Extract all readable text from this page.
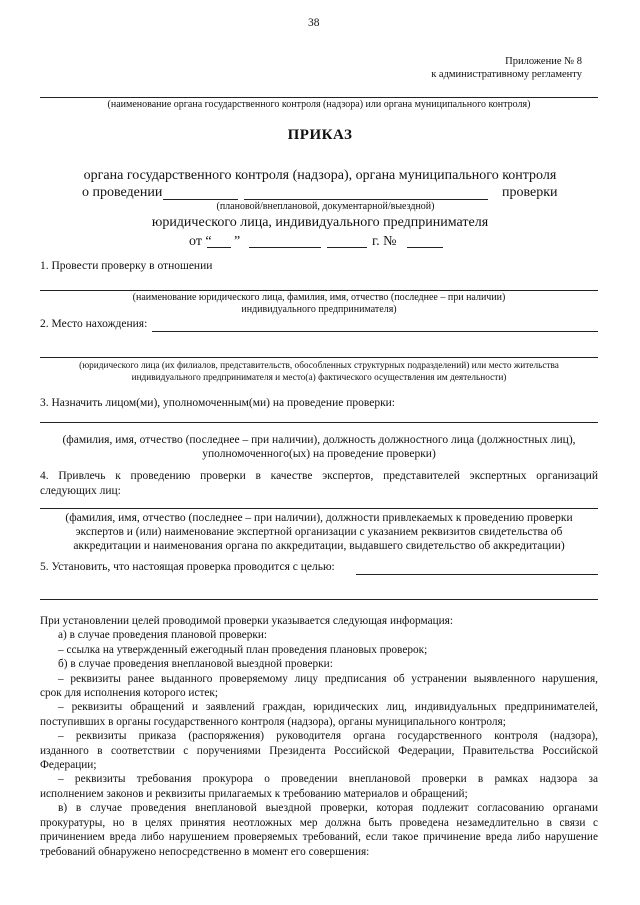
38
Приложение № 8
к административному регламенту
(наименование органа государственного контроля (надзора) или органа муниципального контроля)
ПРИКАЗ
органа государственного контроля (надзора), органа муниципального контроля
о проведении	проверки
(плановой/внеплановой, документарной/выездной)
юридического лица, индивидуального предпринимателя
от “ ”	г. №
1. Провести проверку в отношении
(наименование юридического лица, фамилия, имя, отчество (последнее – при наличии)
индивидуального предпринимателя)
2. Место нахождения:
(юридического лица (их филиалов, представительств, обособленных структурных подразделений) или место жительства
индивидуального предпринимателя и место(а) фактического осуществления им деятельности)
3. Назначить лицом(ми), уполномоченным(ми) на проведение проверки:
(фамилия, имя, отчество (последнее – при наличии), должность должностного лица (должностных лиц),
уполномоченного(ых) на проведение проверки)
4. Привлечь к проведению проверки в качестве экспертов, представителей экспертных организаций
следующих лиц:
(фамилия, имя, отчество (последнее – при наличии), должности привлекаемых к проведению проверки
экспертов и (или) наименование экспертной организации с указанием реквизитов свидетельства об
аккредитации и наименования органа по аккредитации, выдавшего свидетельство об аккредитации)
5. Установить, что настоящая проверка проводится с целью:
При установлении целей проводимой проверки указывается следующая информация:
а) в случае проведения плановой проверки:
– ссылка на утвержденный ежегодный план проведения плановых проверок;
б) в случае проведения внеплановой выездной проверки:
– реквизиты ранее выданного проверяемому лицу предписания об устранении выявленного нарушения,
срок для исполнения которого истек;
– реквизиты обращений и заявлений граждан, юридических лиц, индивидуальных предпринимателей,
поступивших в органы государственного контроля (надзора), органы муниципального контроля;
– реквизиты приказа (распоряжения) руководителя органа государственного контроля (надзора),
изданного в соответствии с поручениями Президента Российской Федерации, Правительства Российской
Федерации;
– реквизиты требования прокурора о проведении внеплановой проверки в рамках надзора за
исполнением законов и реквизиты прилагаемых к требованию материалов и обращений;
в) в случае проведения внеплановой выездной проверки, которая подлежит согласованию органами
прокуратуры, но в целях принятия неотложных мер должна быть проведена незамедлительно в связи с
причинением вреда либо нарушением проверяемых требований, если такое причинение вреда либо нарушение
требований обнаружено непосредственно в момент его совершения:
